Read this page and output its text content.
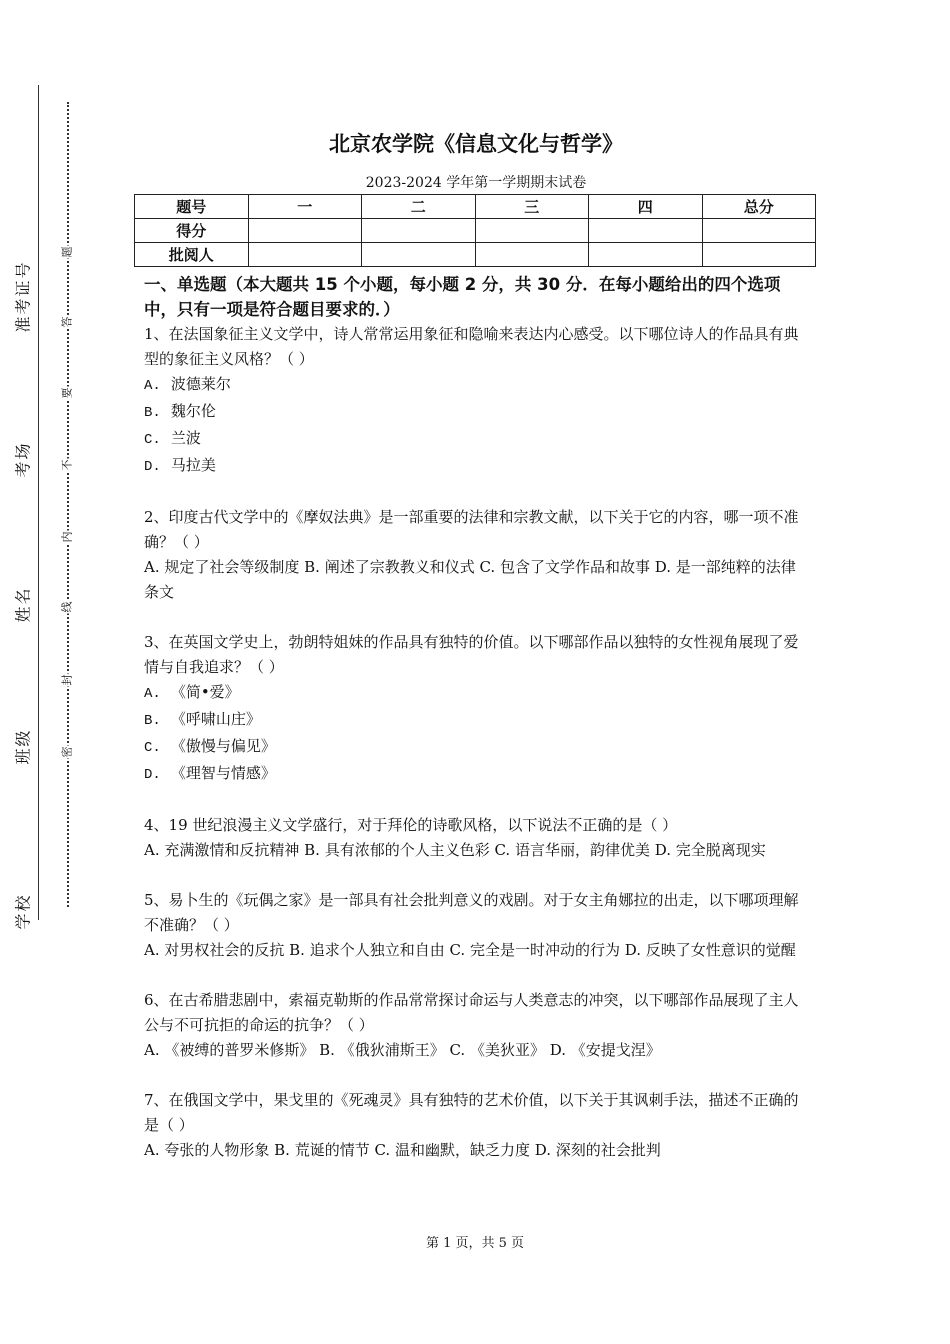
准考证号
考场
姓名
班级
学校
题
答
要
不
内
线
封
密
北京农学院《信息文化与哲学》
2023-2024 学年第一学期期末试卷
题号	一	二	三	四	总分
得分					
批阅人					
一、单选题（本大题共 15 个小题，每小题 2 分，共 30 分．在每小题给出的四个选项中，只有一项是符合题目要求的．）

1、在法国象征主义文学中，诗人常常运用象征和隐喻来表达内心感受。以下哪位诗人的作品具有典型的象征主义风格？（ ）

A. 波德莱尔

B. 魏尔伦

C. 兰波

D. 马拉美

2、印度古代文学中的《摩奴法典》是一部重要的法律和宗教文献，以下关于它的内容，哪一项不准确？（ ）

A. 规定了社会等级制度 B. 阐述了宗教教义和仪式 C. 包含了文学作品和故事 D. 是一部纯粹的法律条文

3、在英国文学史上，勃朗特姐妹的作品具有独特的价值。以下哪部作品以独特的女性视角展现了爱情与自我追求？（ ）

A. 《简•爱》

B. 《呼啸山庄》

C. 《傲慢与偏见》

D. 《理智与情感》

4、19 世纪浪漫主义文学盛行，对于拜伦的诗歌风格，以下说法不正确的是（ ）

A. 充满激情和反抗精神 B. 具有浓郁的个人主义色彩 C. 语言华丽，韵律优美 D. 完全脱离现实

5、易卜生的《玩偶之家》是一部具有社会批判意义的戏剧。对于女主角娜拉的出走，以下哪项理解不准确？（ ）

A. 对男权社会的反抗 B. 追求个人独立和自由 C. 完全是一时冲动的行为 D. 反映了女性意识的觉醒

6、在古希腊悲剧中，索福克勒斯的作品常常探讨命运与人类意志的冲突，以下哪部作品展现了主人公与不可抗拒的命运的抗争？（ ）

A. 《被缚的普罗米修斯》 B. 《俄狄浦斯王》 C. 《美狄亚》 D. 《安提戈涅》

7、在俄国文学中，果戈里的《死魂灵》具有独特的艺术价值，以下关于其讽刺手法，描述不正确的是（ ）

A. 夸张的人物形象 B. 荒诞的情节 C. 温和幽默，缺乏力度 D. 深刻的社会批判

第 1 页，共 5 页
